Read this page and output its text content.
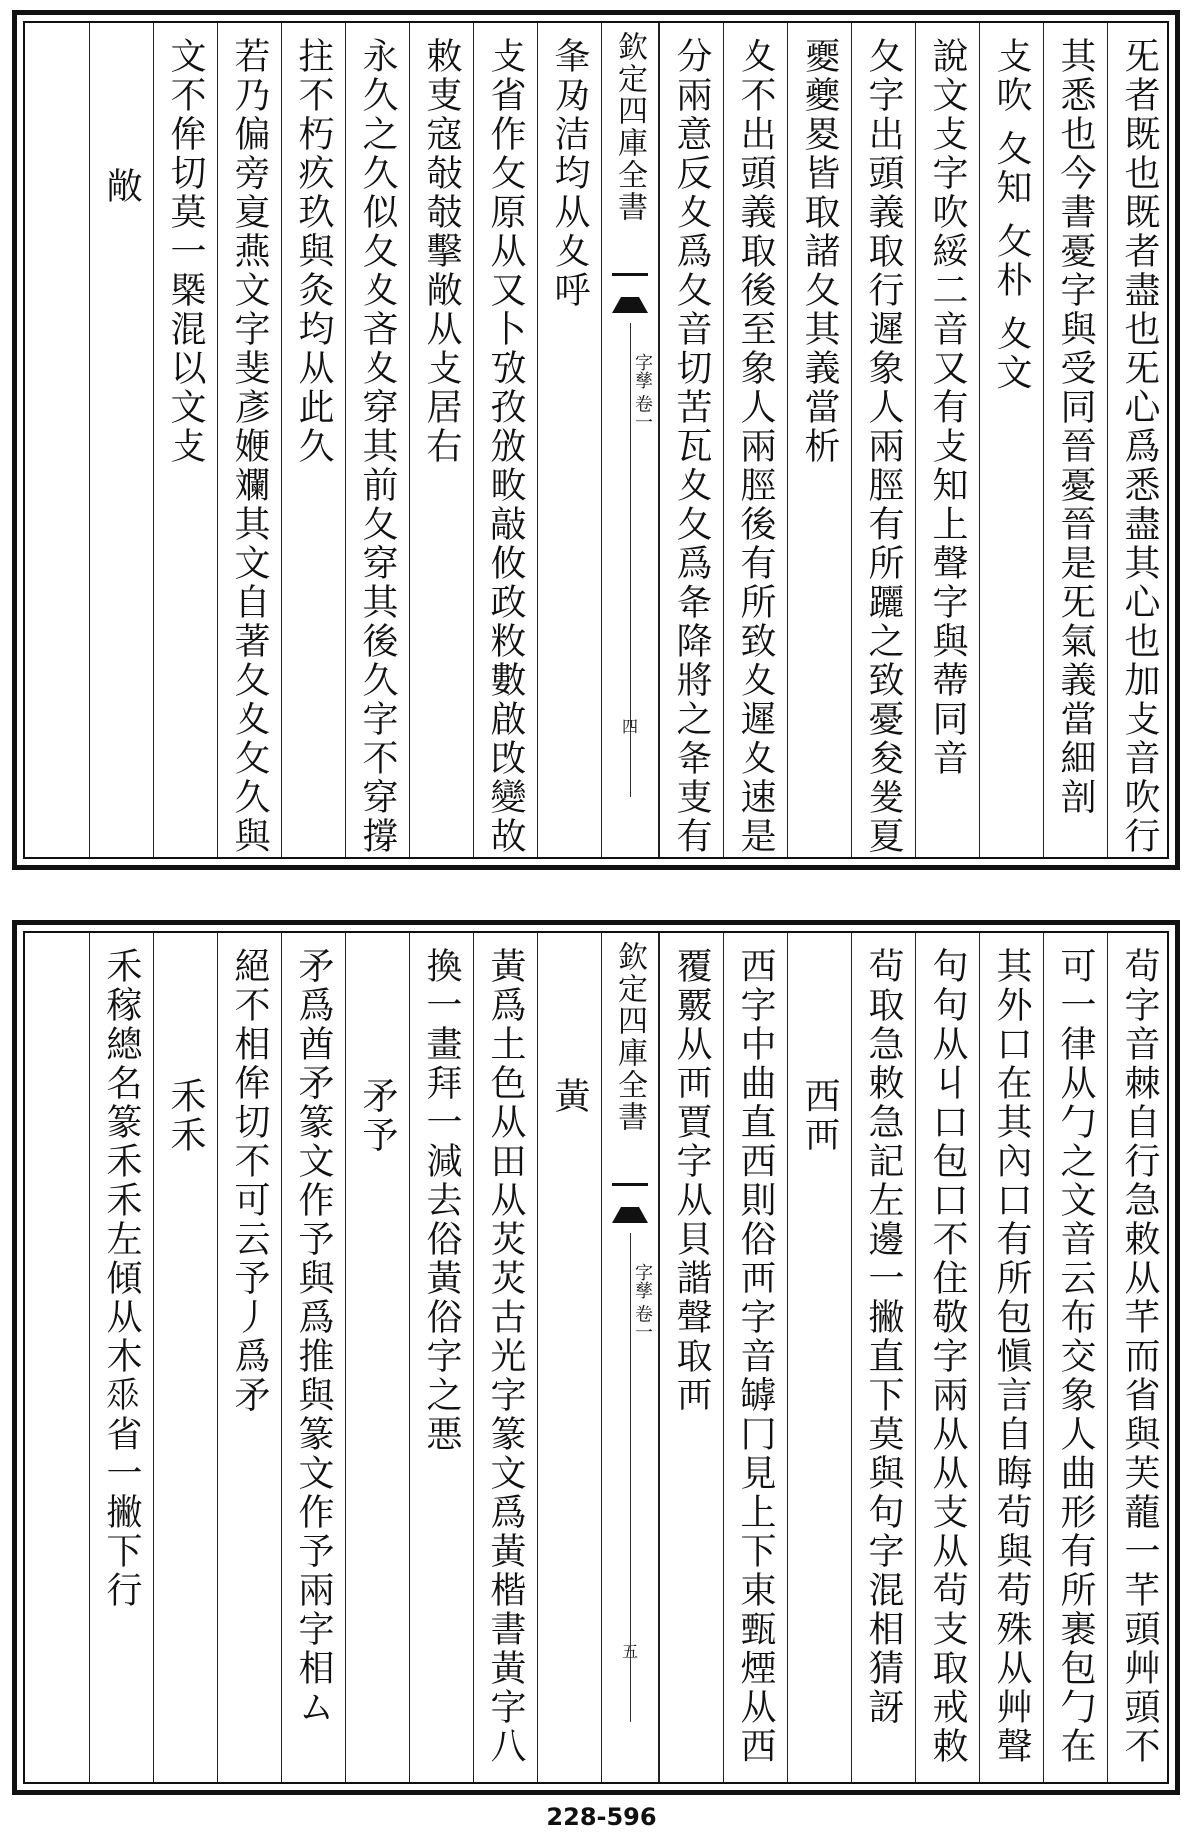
旡者既也既者盡也旡心爲悉盡其心也加攴音吹行
其悉也今書憂字與受同晉憂晉是旡氣義當細剖
攴吹 夂知 攵朴 夊文
說文攴字吹綏二音又有攴知上聲字與蔕同音
夂字出頭義取行遲象人兩脛有所躧之致憂夋夎夏
夒夔畟皆取諸夂其義當析
夊不出頭義取後至象人兩脛後有所致夊遲夊速是
分兩意反夊爲夂音切苦瓦夊夂爲夅降將之夅叓有
欽定四庫全書
字孳 卷一
四
夆夃洁均从夊呼
攴省作攵原从又卜攷孜攽畋敲攸政敉數啟攺變故
敕叓寇敧攲擊敞从攴居右
永久之久似夂夊吝夊穿其前夂穿其後久字不穿撐
拄不朽疚玖與灸均从此久
若乃偏旁㚆燕文字斐彥㛹斕其文自著夂夊攵久與
文不侔切莫一槩混以文攴
敞
茍字音棘自行急敕从芊而省與芙蘢一芊頭艸頭不
可一律从勹之文音云布交象人曲形有所裹包勹在
其外口在其內口有所包愼言自晦茍與苟殊从艸聲
句句从丩口包口不住敬字兩从从支从茍支取戒敕
茍取急敕急記左邊一撇直下莫與句字混相猜訝
西襾
西字中曲直西則俗襾字音罅冂見上下束甄煙从西
覆覈从襾賈字从貝諧聲取襾
欽定四庫全書
字孳 卷一
五
黃
黃爲土色从田从炗炗古光字篆文爲黃楷書黃字八
換一畫拜一減去俗黃俗字之悪
矛予
矛爲酋矛篆文作予與爲推與篆文作予兩字相ム
絕不相侔切不可云予丿爲矛
禾禾
禾稼總名篆禾禾左傾从木𠂹省一撇下行
228-596
